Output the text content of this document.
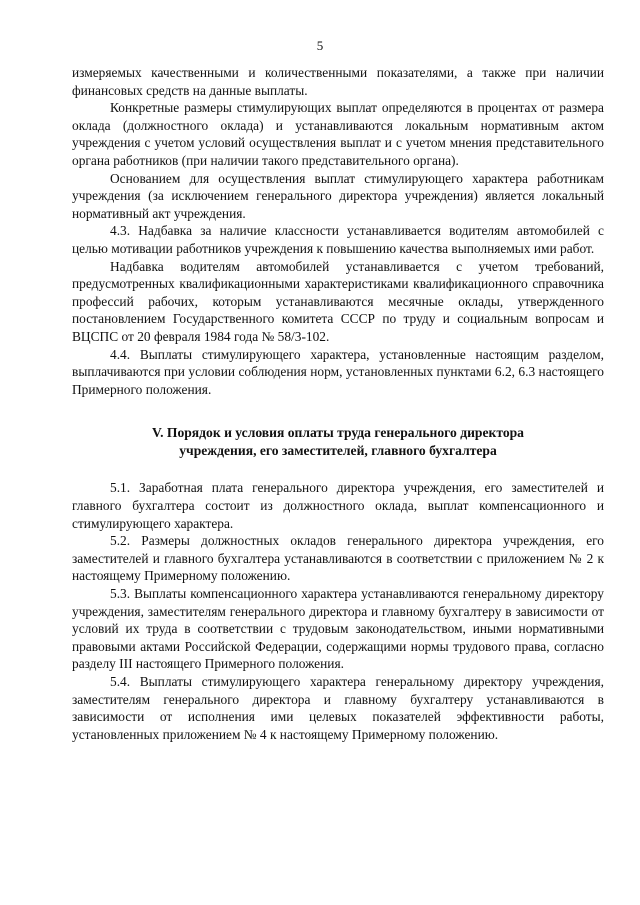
5

измеряемых качественными и количественными показателями, а также при наличии финансовых средств на данные выплаты.

Конкретные размеры стимулирующих выплат определяются в процентах от размера оклада (должностного оклада) и устанавливаются локальным нормативным актом учреждения с учетом условий осуществления выплат и с учетом мнения представительного органа работников (при наличии такого представительного органа).

Основанием для осуществления выплат стимулирующего характера работникам учреждения (за исключением генерального директора учреждения) является локальный нормативный акт учреждения.

4.3. Надбавка за наличие классности устанавливается водителям автомобилей с целью мотивации работников учреждения к повышению качества выполняемых ими работ.

Надбавка водителям автомобилей устанавливается с учетом требований, предусмотренных квалификационными характеристиками квалификационного справочника профессий рабочих, которым устанавливаются месячные оклады, утвержденного постановлением Государственного комитета СССР по труду и социальным вопросам и ВЦСПС от 20 февраля 1984 года № 58/3-102.

4.4. Выплаты стимулирующего характера, установленные настоящим разделом, выплачиваются при условии соблюдения норм, установленных пунктами 6.2, 6.3 настоящего Примерного положения.

V. Порядок и условия оплаты труда генерального директора
учреждения, его заместителей, главного бухгалтера

5.1. Заработная плата генерального директора учреждения, его заместителей и главного бухгалтера состоит из должностного оклада, выплат компенсационного и стимулирующего характера.

5.2. Размеры должностных окладов генерального директора учреждения, его заместителей и главного бухгалтера устанавливаются в соответствии с приложением № 2 к настоящему Примерному положению.

5.3. Выплаты компенсационного характера устанавливаются генеральному директору учреждения, заместителям генерального директора и главному бухгалтеру в зависимости от условий их труда в соответствии с трудовым законодательством, иными нормативными правовыми актами Российской Федерации, содержащими нормы трудового права, согласно разделу III настоящего Примерного положения.

5.4. Выплаты стимулирующего характера генеральному директору учреждения, заместителям генерального директора и главному бухгалтеру устанавливаются в зависимости от исполнения ими целевых показателей эффективности работы, установленных приложением № 4 к настоящему Примерному положению.
